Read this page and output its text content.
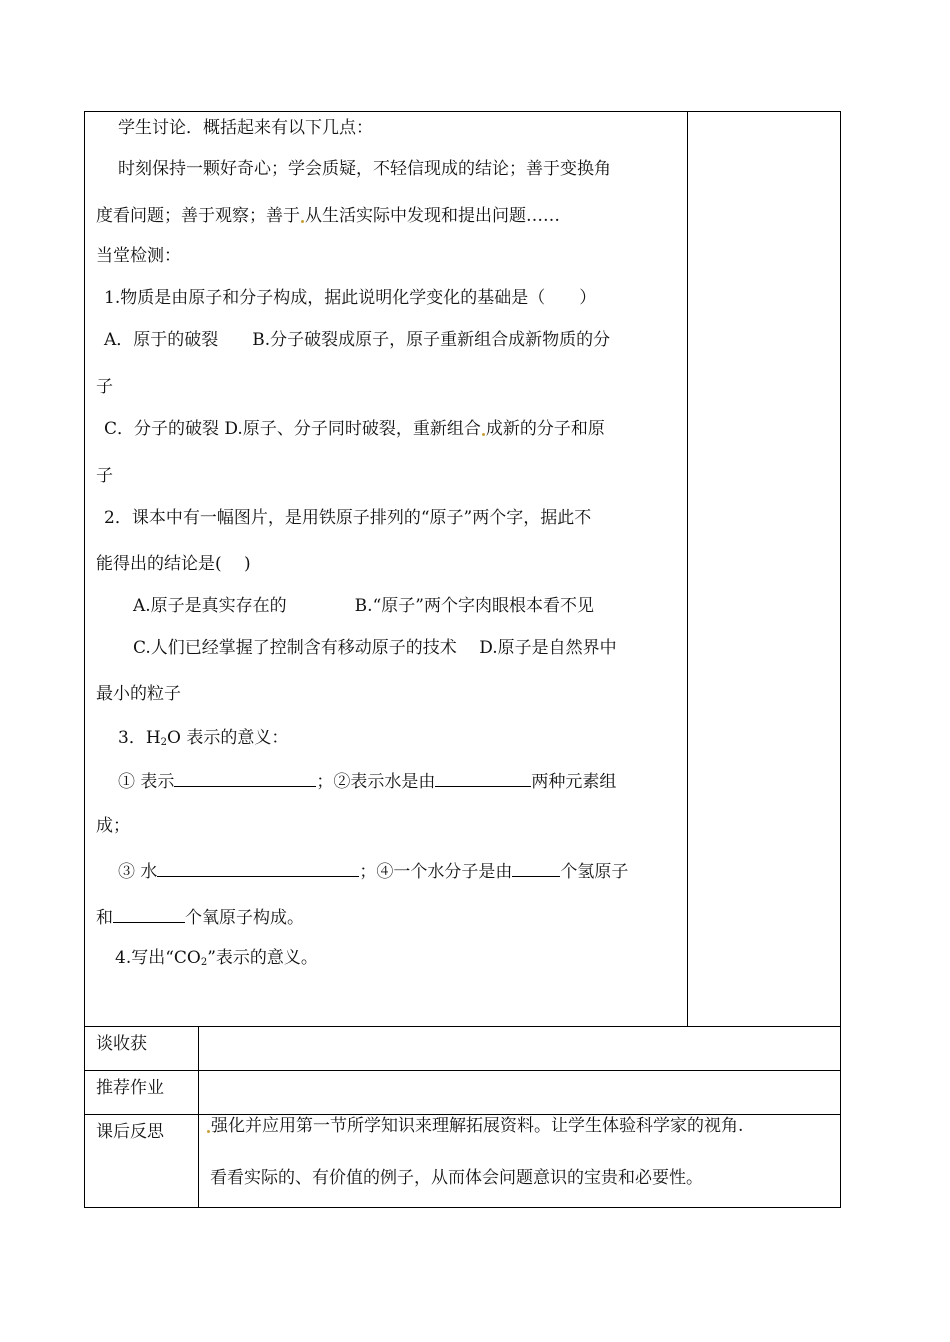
学生讨论．概括起来有以下几点：
时刻保持一颗好奇心；学会质疑，不轻信现成的结论；善于变换角
度看问题；善于观察；善于 从生活实际中发现和提出问题……
当堂检测：
1.物质是由原子和分子构成，据此说明化学变化的基础是（　　）
A．原于的破裂　　B.分子破裂成原子，原子重新组合成新物质的分
子
C．分子的破裂 D.原子、分子同时破裂，重新组合 成新的分子和原
子
2．课本中有一幅图片，是用铁原子排列的“原子”两个字，据此不
能得出的结论是( 　)
A.原子是真实存在的　　　　B.“原子”两个字肉眼根本看不见
C.人们已经掌握了控制含有移动原子的技术　 D.原子是自然界中
最小的粒子
3．$H_2O$ 表示的意义：
① 表示	；②表示水是由	两种元素组
成；
③ 水	；④一个水分子是由	个氢原子
和	个氧原子构成。
4.写出“$CO_2$”表示的意义。
谈收获
推荐作业
课后反思	强化并应用第一节所学知识来理解拓展资料。让学生体验科学家的视角.
看看实际的、有价值的例子，从而体会问题意识的宝贵和必要性。
